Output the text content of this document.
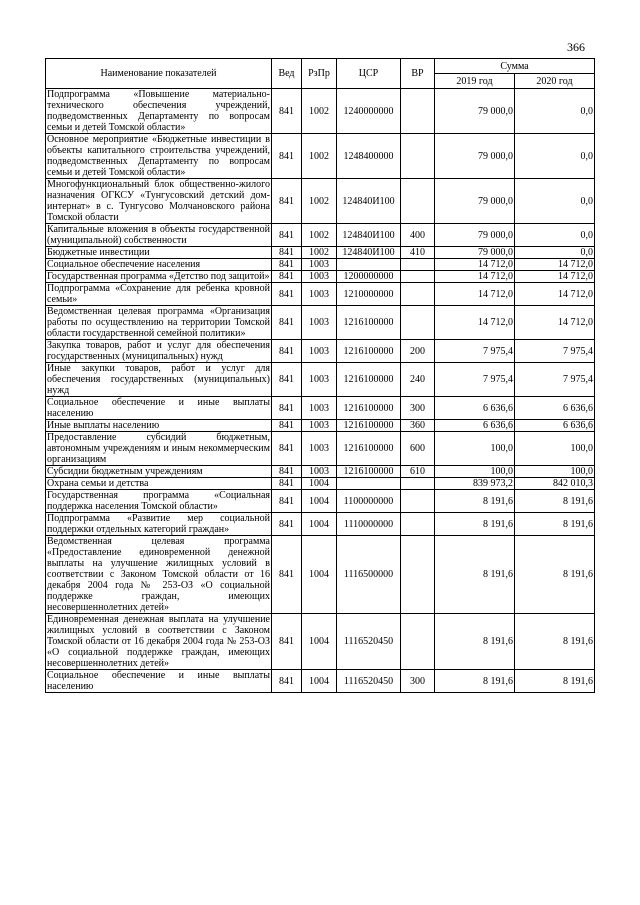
366
Наименование показателей	Вед	РзПр	ЦСР	ВР	Сумма	
					2019 год	2020 год
Подпрограмма «Повышение материально-технического обеспечения учреждений, подведомственных Департаменту по вопросам семьи и детей Томской области»	841	1002	1240000000		79 000,0	0,0
Основное мероприятие «Бюджетные инвестиции в объекты капитального строительства учреждений, подведомственных Департаменту по вопросам семьи и детей Томской области»	841	1002	1248400000		79 000,0	0,0
Многофункциональный блок общественно-жилого назначения ОГКСУ «Тунгусовский детский дом-интернат» в с. Тунгусово Молчановского района Томской области	841	1002	124840И100		79 000,0	0,0
Капитальные вложения в объекты государственной (муниципальной) собственности	841	1002	124840И100	400	79 000,0	0,0
Бюджетные инвестиции	841	1002	124840И100	410	79 000,0	0,0
Социальное обеспечение населения	841	1003			14 712,0	14 712,0
Государственная программа «Детство под защитой»	841	1003	1200000000		14 712,0	14 712,0
Подпрограмма «Сохранение для ребенка кровной семьи»	841	1003	1210000000		14 712,0	14 712,0
Ведомственная целевая программа «Организация работы по осуществлению на территории Томской области государственной семейной политики»	841	1003	1216100000		14 712,0	14 712,0
Закупка товаров, работ и услуг для обеспечения государственных (муниципальных) нужд	841	1003	1216100000	200	7 975,4	7 975,4
Иные закупки товаров, работ и услуг для обеспечения государственных (муниципальных) нужд	841	1003	1216100000	240	7 975,4	7 975,4
Социальное обеспечение и иные выплаты населению	841	1003	1216100000	300	6 636,6	6 636,6
Иные выплаты населению	841	1003	1216100000	360	6 636,6	6 636,6
Предоставление субсидий бюджетным, автономным учреждениям и иным некоммерческим организациям	841	1003	1216100000	600	100,0	100,0
Субсидии бюджетным учреждениям	841	1003	1216100000	610	100,0	100,0
Охрана семьи и детства	841	1004			839 973,2	842 010,3
Государственная программа «Социальная поддержка населения Томской области»	841	1004	1100000000		8 191,6	8 191,6
Подпрограмма «Развитие мер социальной поддержки отдельных категорий граждан»	841	1004	1110000000		8 191,6	8 191,6
Ведомственная целевая программа «Предоставление единовременной денежной выплаты на улучшение жилищных условий в соответствии с Законом Томской области от 16 декабря 2004 года № 253-ОЗ «О социальной поддержке граждан, имеющих несовершеннолетних детей»	841	1004	1116500000		8 191,6	8 191,6
Единовременная денежная выплата на улучшение жилищных условий в соответствии с Законом Томской области от 16 декабря 2004 года № 253-ОЗ «О социальной поддержке граждан, имеющих несовершеннолетних детей»	841	1004	1116520450		8 191,6	8 191,6
Социальное обеспечение и иные выплаты населению	841	1004	1116520450	300	8 191,6	8 191,6
